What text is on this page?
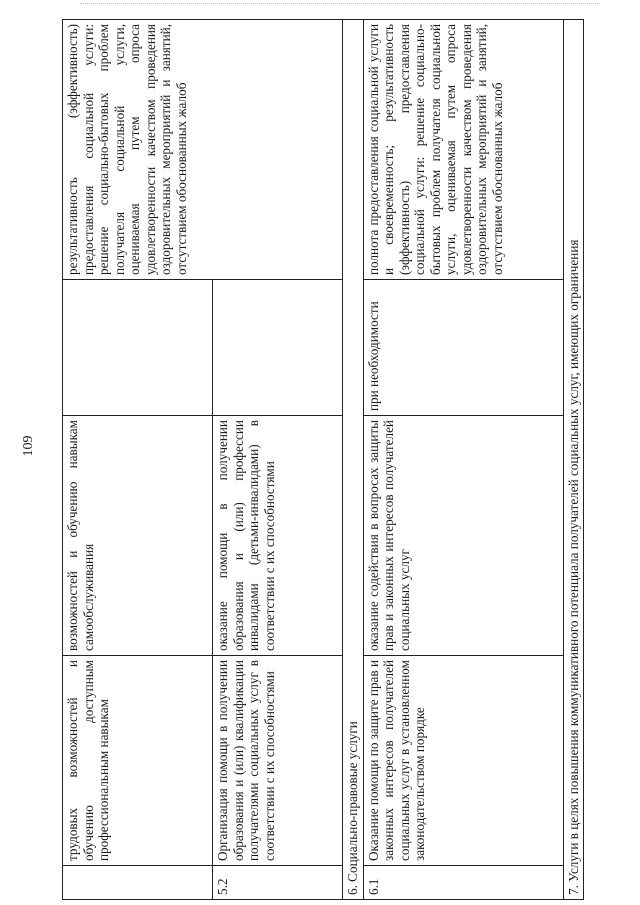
109
	трудовых возможностей и обучению доступным профессиональным навыкам	возможностей и обучению навыкам самообслуживания		результативность (эффективность) предоставления социальной услуги: решение социально-бытовых проблем получателя социальной услуги, оцениваемая путем опроса удовлетворенности качеством проведения оздоровительных мероприятий и занятий, отсутствием обоснованных жалоб
5.2	Организация помощи в получении образования и (или) квалификации получателями социальных услуг в соответствии с их способностями	оказание помощи в получении образования и (или) профессии инвалидами (детьми-инвалидами) в соответствии с их способностями		
6. Социально-правовые услуги				
6.1	Оказание помощи по защите прав и законных интересов получателей социальных услуг в установленном законодательством порядке	оказание содействия в вопросах защиты прав и законных интересов получателей социальных услуг	при необходимости	полнота предоставления социальной услуги и своевременность; результативность (эффективность) предоставления социальной услуги: решение социально-бытовых проблем получателя социальной услуги, оцениваемая путем опроса удовлетворенности качеством проведения оздоровительных мероприятий и занятий, отсутствием обоснованных жалоб
7. Услуги в целях повышения коммуникативного потенциала получателей социальных услуг, имеющих ограничения				
